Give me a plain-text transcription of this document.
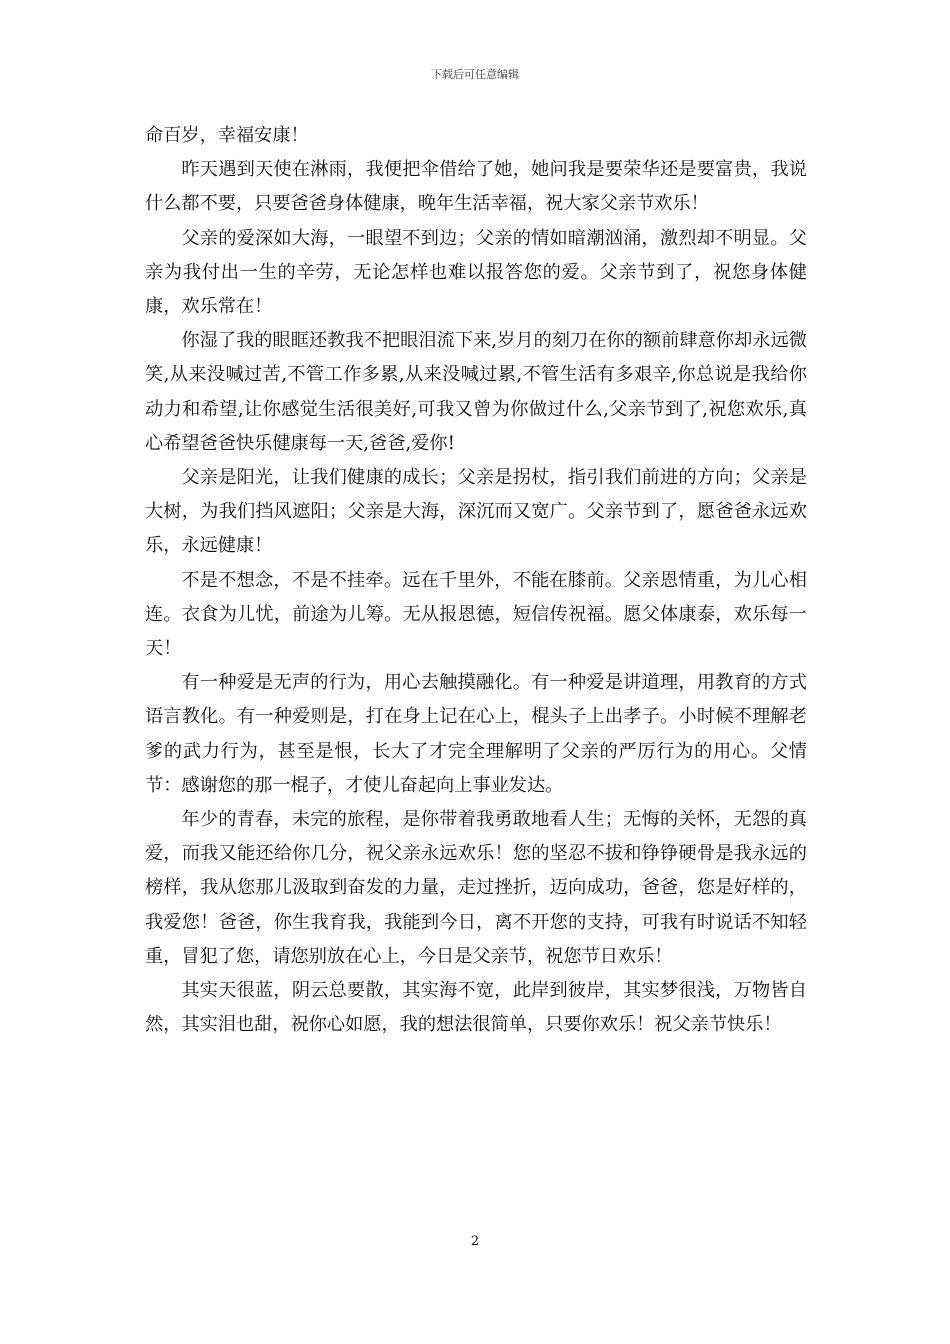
下载后可任意编辑

命百岁，幸福安康！

昨天遇到天使在淋雨，我便把伞借给了她，她问我是要荣华还是要富贵，我说什么都不要，只要爸爸身体健康，晚年生活幸福，祝大家父亲节欢乐！

父亲的爱深如大海，一眼望不到边；父亲的情如暗潮汹涌，激烈却不明显。父亲为我付出一生的辛劳，无论怎样也难以报答您的爱。父亲节到了，祝您身体健康，欢乐常在！

你湿了我的眼眶还教我不把眼泪流下来,岁月的刻刀在你的额前肆意你却永远微笑,从来没喊过苦,不管工作多累,从来没喊过累,不管生活有多艰辛,你总说是我给你动力和希望,让你感觉生活很美好,可我又曾为你做过什么,父亲节到了,祝您欢乐,真心希望爸爸快乐健康每一天,爸爸,爱你!

父亲是阳光，让我们健康的成长；父亲是拐杖，指引我们前进的方向；父亲是大树，为我们挡风遮阳；父亲是大海，深沉而又宽广。父亲节到了，愿爸爸永远欢乐，永远健康！

不是不想念，不是不挂牵。远在千里外，不能在膝前。父亲恩情重，为儿心相连。衣食为儿忧，前途为儿筹。无从报恩德，短信传祝福。愿父体康泰，欢乐每一天！

有一种爱是无声的行为，用心去触摸融化。有一种爱是讲道理，用教育的方式语言教化。有一种爱则是，打在身上记在心上，棍头子上出孝子。小时候不理解老爹的武力行为，甚至是恨，长大了才完全理解明了父亲的严厉行为的用心。父情节：感谢您的那一棍子，才使儿奋起向上事业发达。

年少的青春，未完的旅程，是你带着我勇敢地看人生；无悔的关怀，无怨的真爱，而我又能还给你几分，祝父亲永远欢乐！您的坚忍不拔和铮铮硬骨是我永远的榜样，我从您那儿汲取到奋发的力量，走过挫折，迈向成功，爸爸，您是好样的，我爱您！爸爸，你生我育我，我能到今日，离不开您的支持，可我有时说话不知轻重，冒犯了您，请您别放在心上，今日是父亲节，祝您节日欢乐！

其实天很蓝，阴云总要散，其实海不宽，此岸到彼岸，其实梦很浅，万物皆自然，其实泪也甜，祝你心如愿，我的想法很简单，只要你欢乐！祝父亲节快乐！

2
